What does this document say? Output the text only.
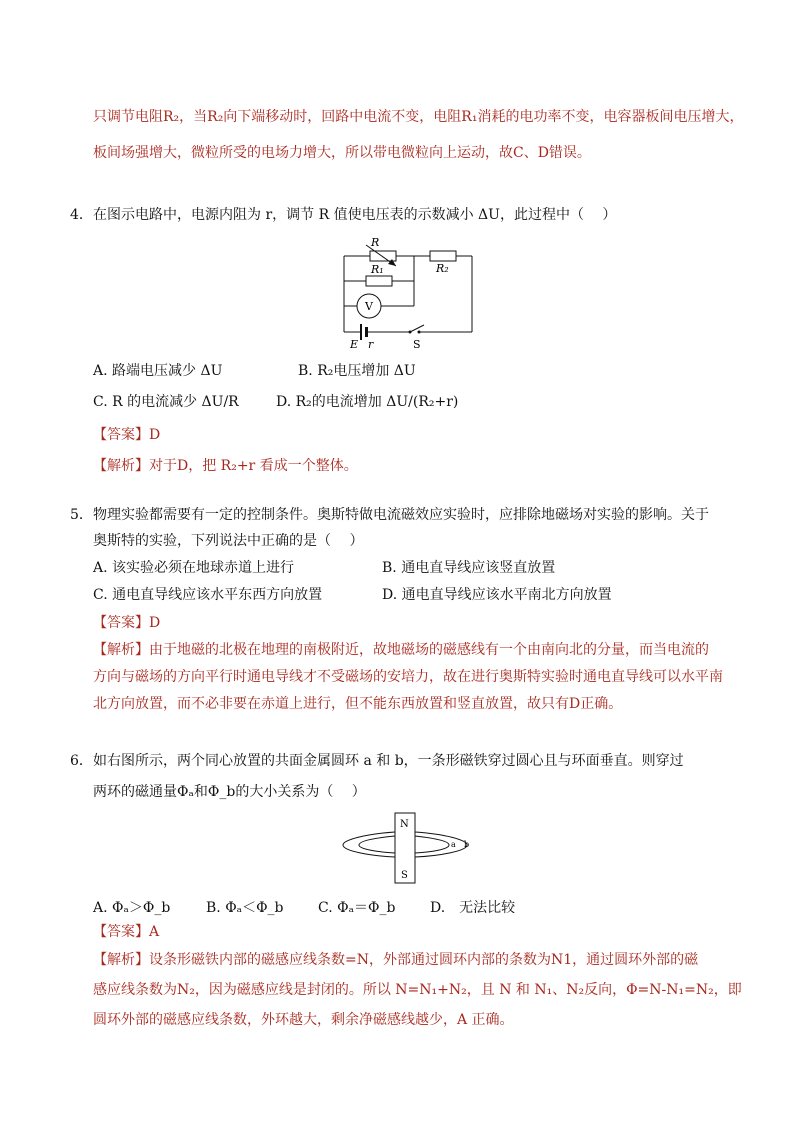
只调节电阻R₂，当R₂向下端移动时，回路中电流不变，电阻R₁消耗的电功率不变，电容器板间电压增大，
板间场强增大，微粒所受的电场力增大，所以带电微粒向上运动，故C、D错误。
4． 在图示电路中，电源内阻为 r，调节 R 值使电压表的示数减小 ΔU，此过程中（　 ）
R
R₁	R₂
V
E r	S
A. 路端电压减少 ΔU	B. R₂电压增加 ΔU
C. R 的电流减少 ΔU/R	D. R₂的电流增加 ΔU/(R₂+r)
【答案】D
【解析】对于D，把 R₂+r 看成一个整体。
5． 物理实验都需要有一定的控制条件。奥斯特做电流磁效应实验时，应排除地磁场对实验的影响。关于
奥斯特的实验，下列说法中正确的是（　 ）
A. 该实验必须在地球赤道上进行	B. 通电直导线应该竖直放置
C. 通电直导线应该水平东西方向放置	D. 通电直导线应该水平南北方向放置
【答案】D
【解析】由于地磁的北极在地理的南极附近，故地磁场的磁感线有一个由南向北的分量，而当电流的
方向与磁场的方向平行时通电导线才不受磁场的安培力，故在进行奥斯特实验时通电直导线可以水平南
北方向放置，而不必非要在赤道上进行，但不能东西放置和竖直放置，故只有D正确。
6． 如右图所示，两个同心放置的共面金属圆环 a 和 b，一条形磁铁穿过圆心且与环面垂直。则穿过
两环的磁通量Φₐ和Φ_b的大小关系为（　 ）
N
S
a b
A. Φₐ＞Φ_b	B. Φₐ＜Φ_b C. Φₐ＝Φ_b D.　无法比较
【答案】A
【解析】设条形磁铁内部的磁感应线条数=N，外部通过圆环内部的条数为N1，通过圆环外部的磁
感应线条数为N₂，因为磁感应线是封闭的。所以 N=N₁+N₂，且 N 和 N₁、N₂反向，Φ=N-N₁=N₂，即
圆环外部的磁感应线条数，外环越大，剩余净磁感线越少，A 正确。
